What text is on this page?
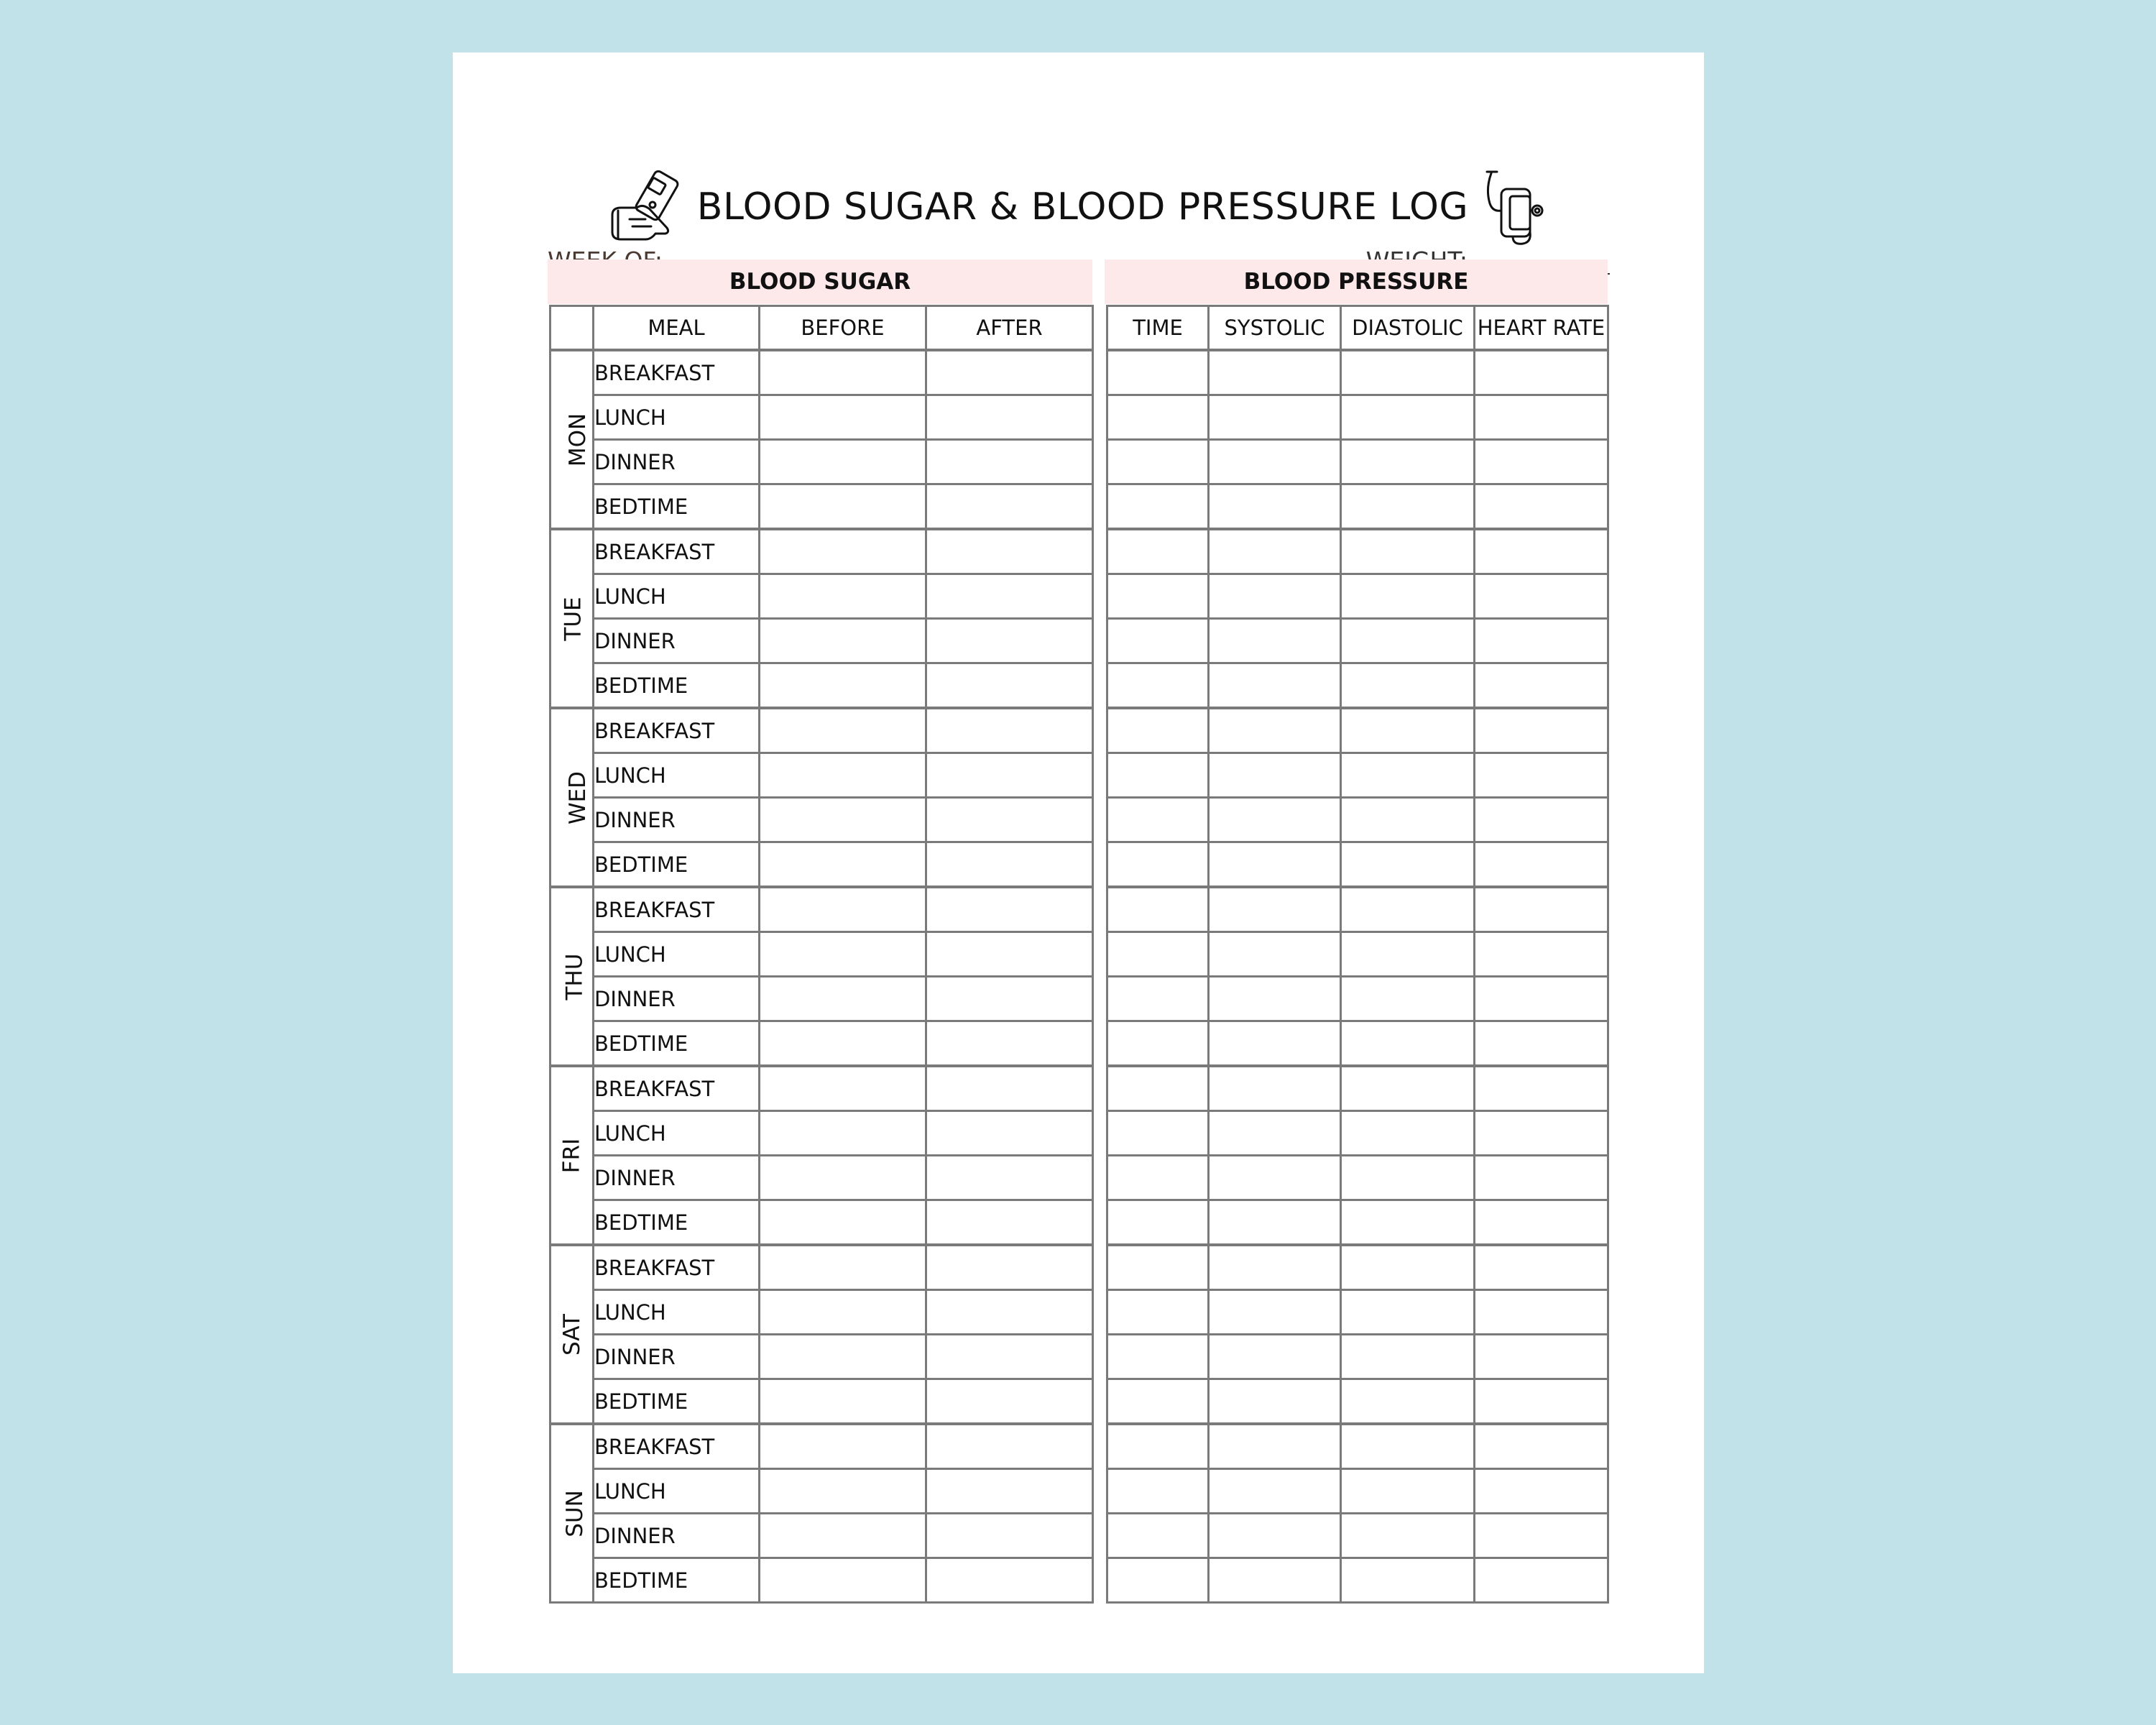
BLOOD SUGAR & BLOOD PRESSURE LOG
BLOOD SUGAR	BLOOD PRESSURE
	MEAL	BEFORE	AFTER
MON	BREAKFAST		
	LUNCH		
	DINNER		
	BEDTIME		
TUE	BREAKFAST		
	LUNCH		
	DINNER		
	BEDTIME		
WED	BREAKFAST		
	LUNCH		
	DINNER		
	BEDTIME		
THU	BREAKFAST		
	LUNCH		
	DINNER		
	BEDTIME		
FRI	BREAKFAST		
	LUNCH		
	DINNER		
	BEDTIME		
SAT	BREAKFAST		
	LUNCH		
	DINNER		
	BEDTIME		
SUN	BREAKFAST		
	LUNCH		
	DINNER		
	BEDTIME		
TIME	SYSTOLIC	DIASTOLIC	HEART RATE
